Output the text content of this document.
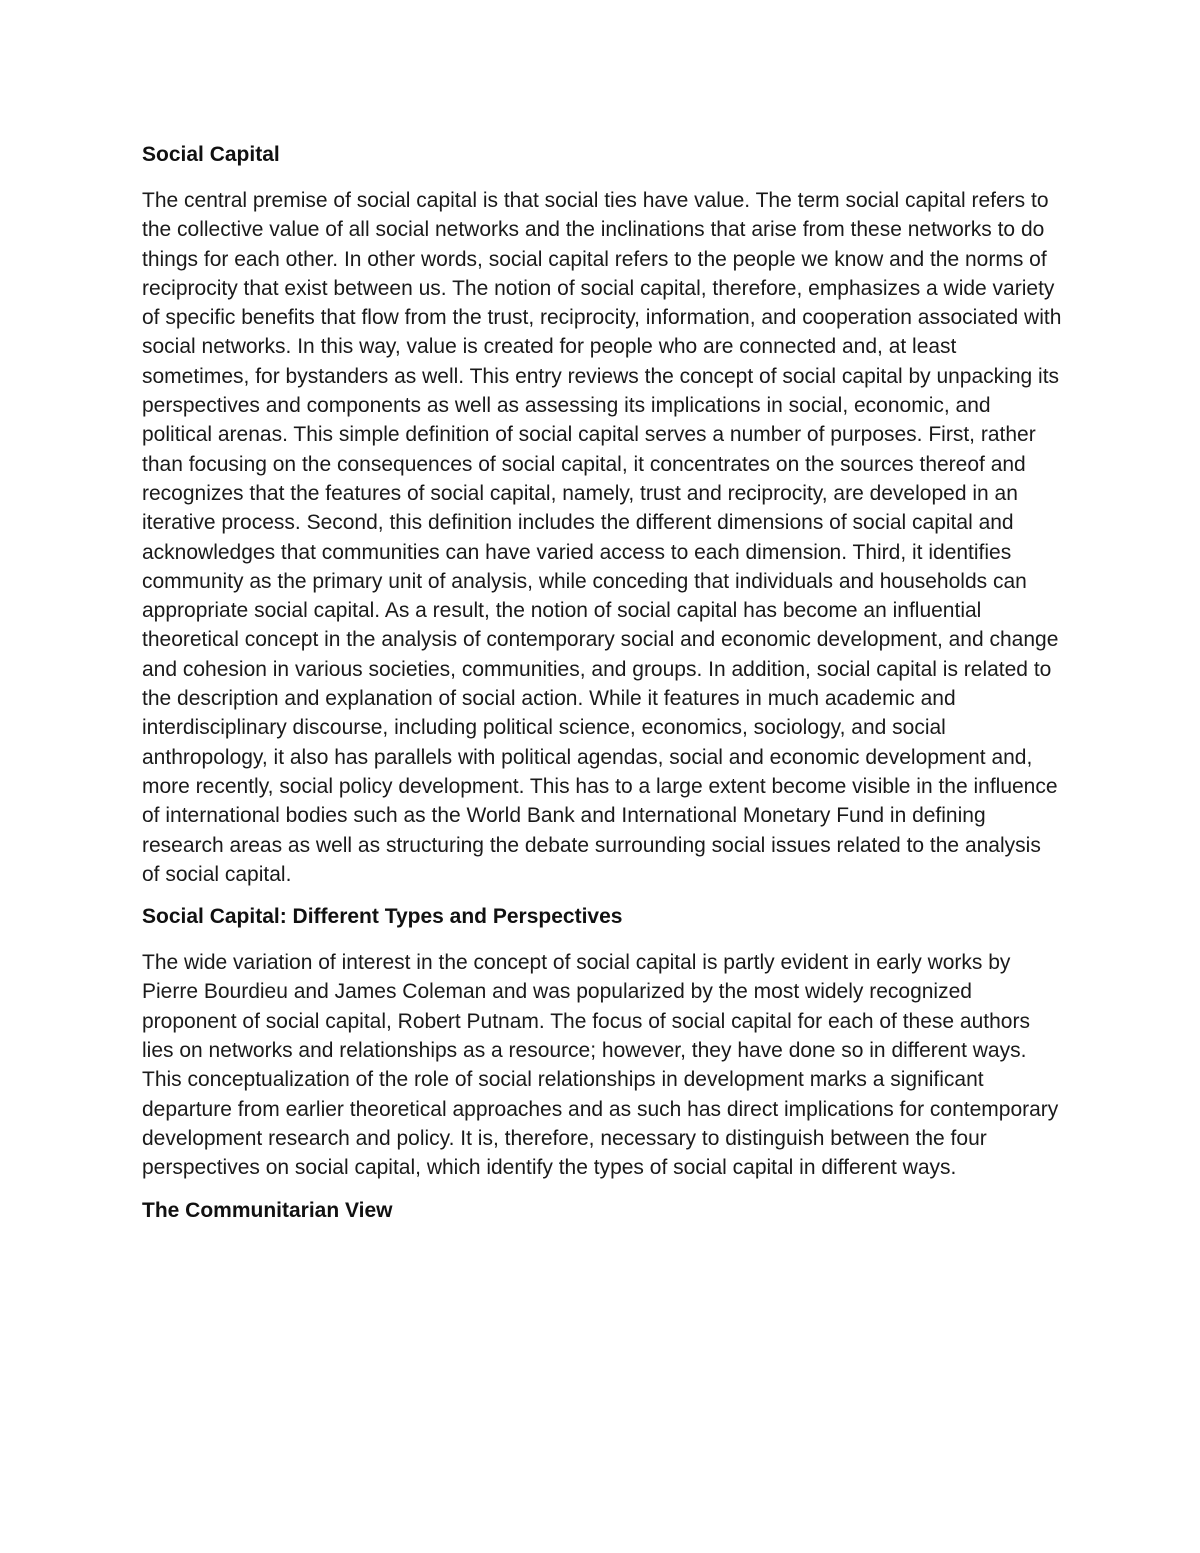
Social Capital

The central premise of social capital is that social ties have value. The term social capital refers to the collective value of all social networks and the inclinations that arise from these networks to do things for each other. In other words, social capital refers to the people we know and the norms of reciprocity that exist between us. The notion of social capital, therefore, emphasizes a wide variety of specific benefits that flow from the trust, reciprocity, information, and cooperation associated with social networks. In this way, value is created for people who are connected and, at least sometimes, for bystanders as well. This entry reviews the concept of social capital by unpacking its perspectives and components as well as assessing its implications in social, economic, and political arenas. This simple definition of social capital serves a number of purposes. First, rather than focusing on the consequences of social capital, it concentrates on the sources thereof and recognizes that the features of social capital, namely, trust and reciprocity, are developed in an iterative process. Second, this definition includes the different dimensions of social capital and acknowledges that communities can have varied access to each dimension. Third, it identifies community as the primary unit of analysis, while conceding that individuals and households can appropriate social capital. As a result, the notion of social capital has become an influential theoretical concept in the analysis of contemporary social and economic development, and change and cohesion in various societies, communities, and groups. In addition, social capital is related to the description and explanation of social action. While it features in much academic and interdisciplinary discourse, including political science, economics, sociology, and social anthropology, it also has parallels with political agendas, social and economic development and, more recently, social policy development. This has to a large extent become visible in the influence of international bodies such as the World Bank and International Monetary Fund in defining research areas as well as structuring the debate surrounding social issues related to the analysis of social capital.

Social Capital: Different Types and Perspectives

The wide variation of interest in the concept of social capital is partly evident in early works by Pierre Bourdieu and James Coleman and was popularized by the most widely recognized proponent of social capital, Robert Putnam. The focus of social capital for each of these authors lies on networks and relationships as a resource; however, they have done so in different ways. This conceptualization of the role of social relationships in development marks a significant departure from earlier theoretical approaches and as such has direct implications for contemporary development research and policy. It is, therefore, necessary to distinguish between the four perspectives on social capital, which identify the types of social capital in different ways.

The Communitarian View
